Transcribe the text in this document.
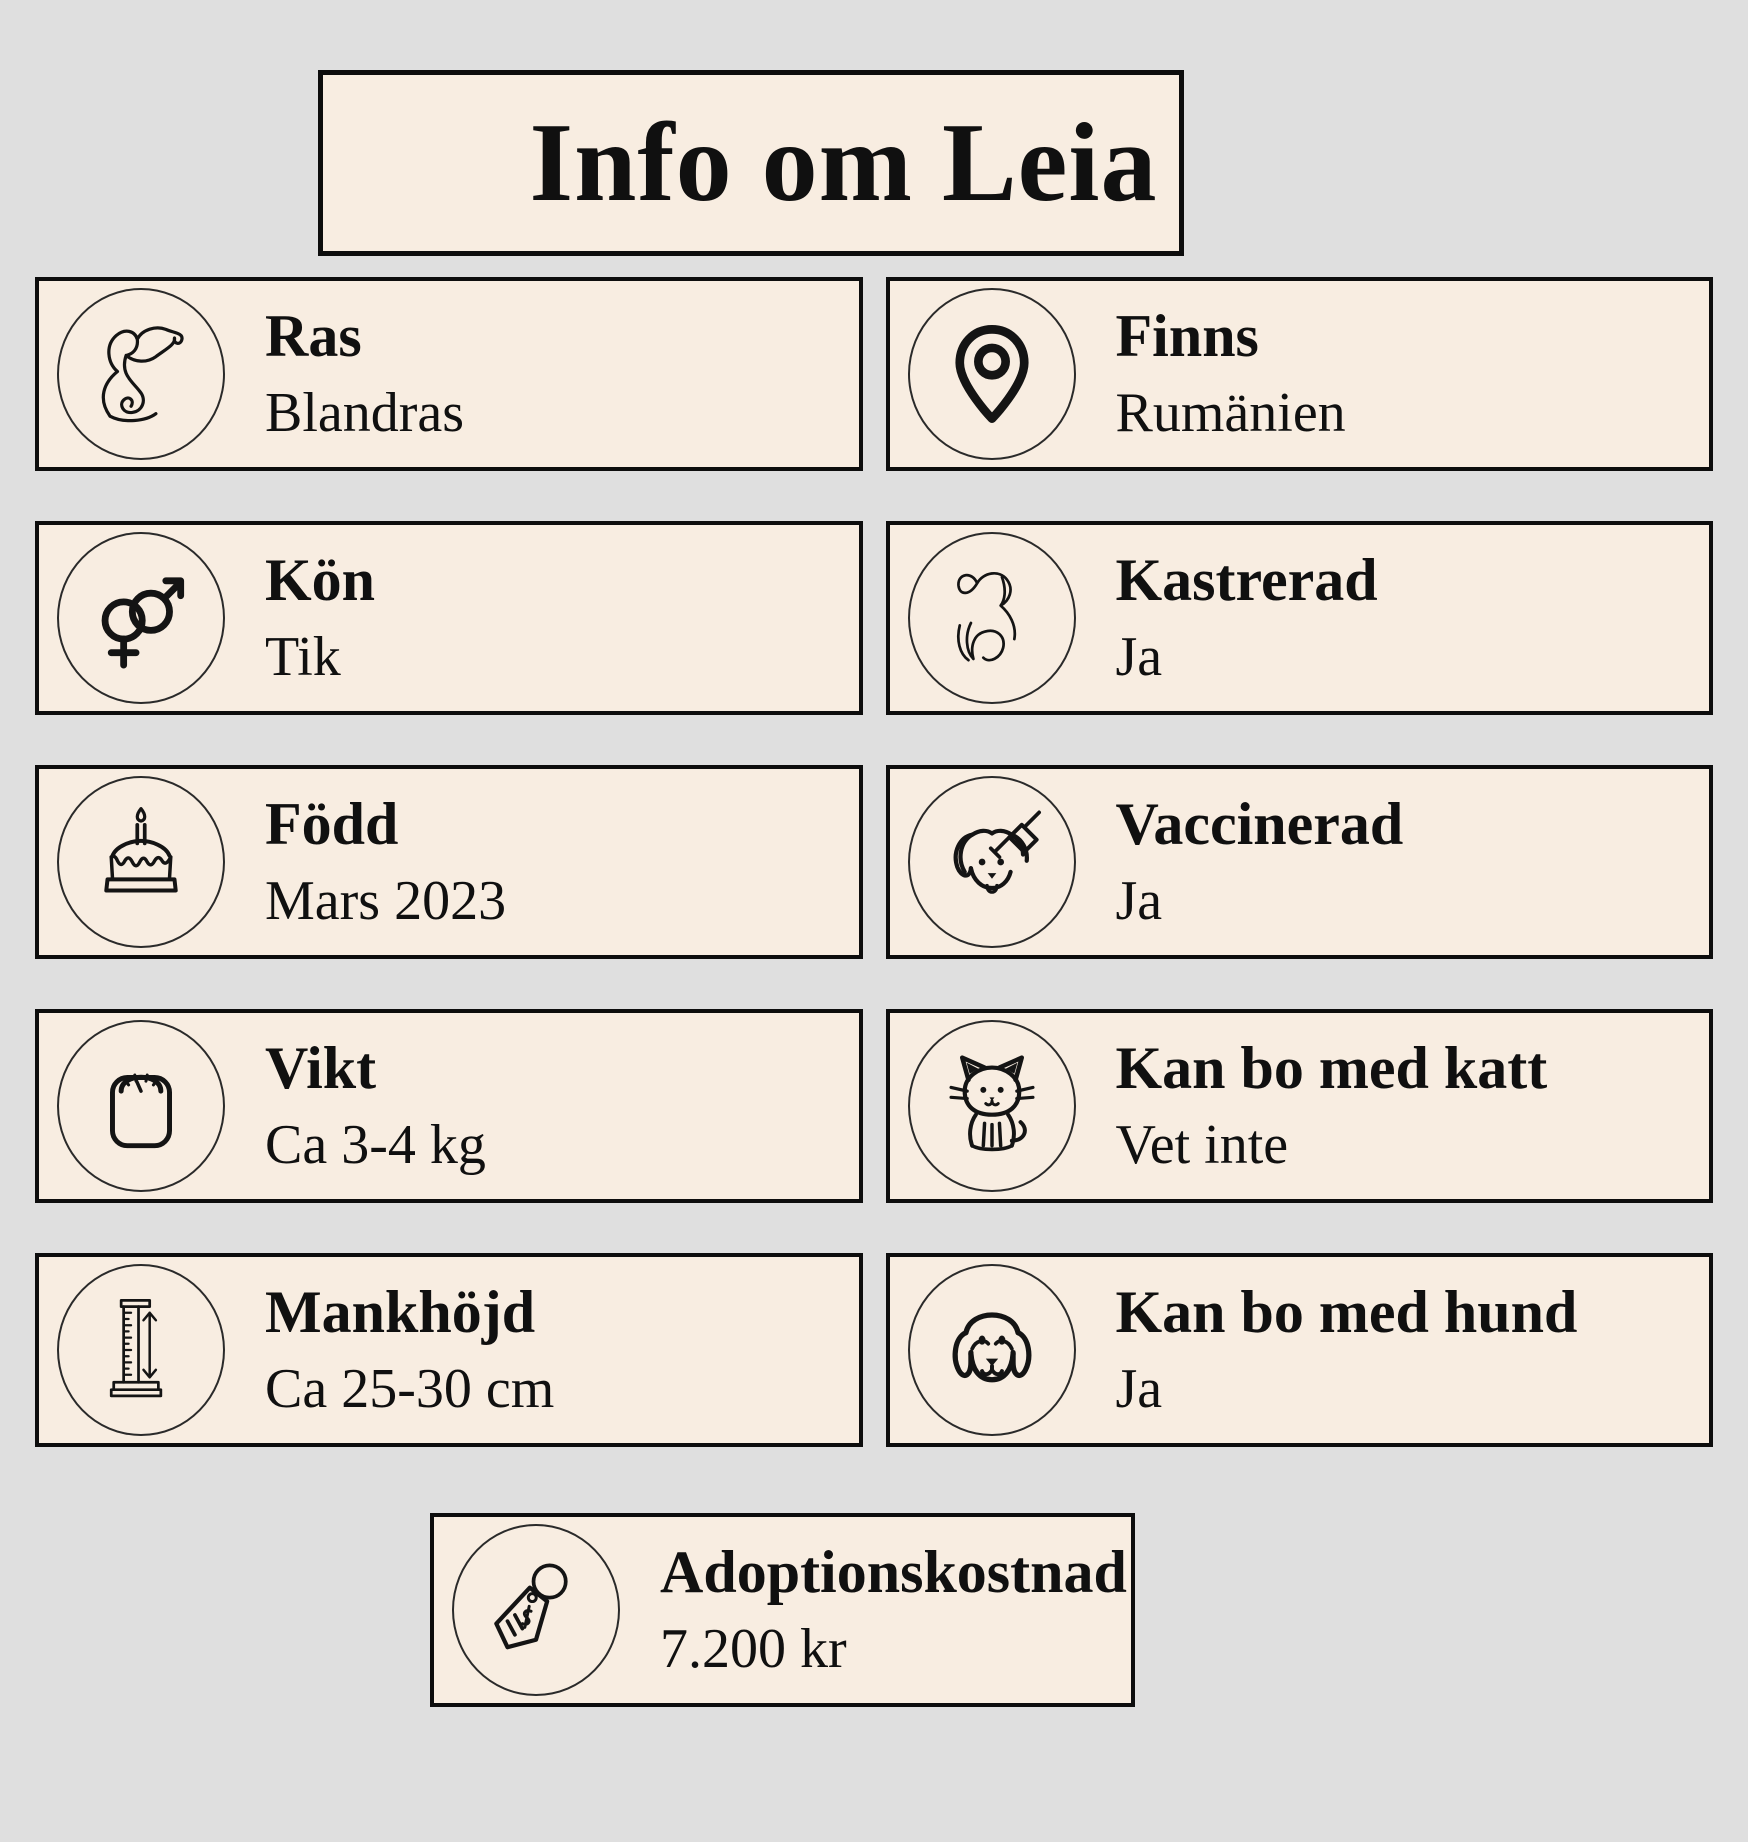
Info om Leia
Ras
Blandras
Finns
Rumänien
Kön
Tik
Kastrerad
Ja
Född
Mars 2023
Vaccinerad
Ja
Vikt
Ca 3-4 kg
Kan bo med katt
Vet inte
Mankhöjd
Ca 25-30 cm
Kan bo med hund
Ja
Adoptionskostnad
7.200 kr
